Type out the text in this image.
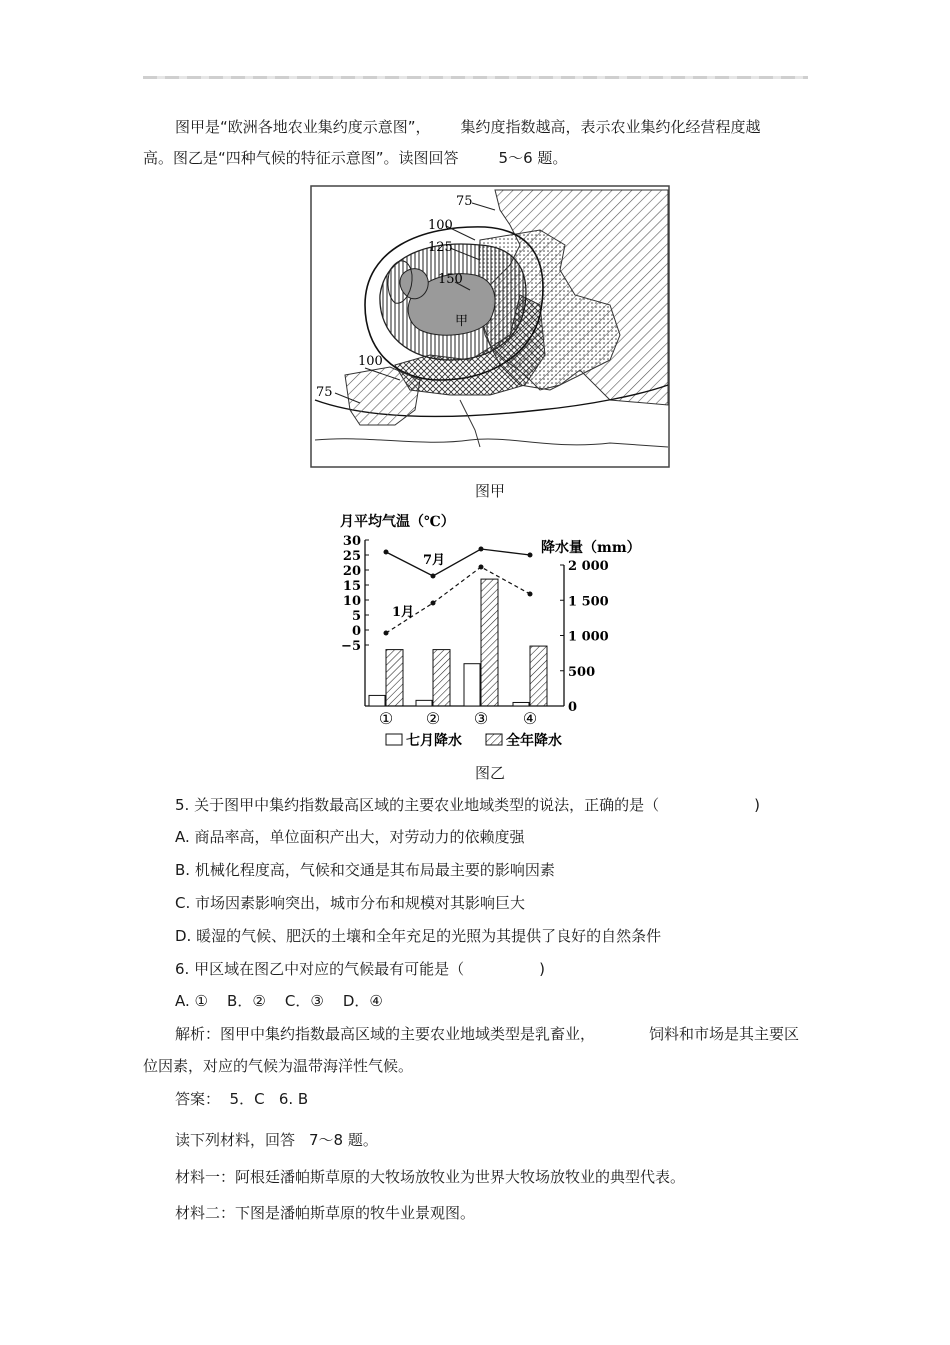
图甲是“欧洲各地农业集约度示意图”， 集约度指数越高，表示农业集约化经营程度越

高。图乙是“四种气候的特征示意图”。读图回答	5～6 题。

75
100
125
150
100
75
甲
图甲
月平均气温（℃）
降水量（mm）
30
25
20
15
10
5
0
−5
2 000
1 500
1 000
500
0
① ② ③ ④
7月
1月
七月降水	全年降水
图乙

5. 关于图甲中集约指数最高区域的主要农业地域类型的说法，正确的是（	)

A. 商品率高，单位面积产出大，对劳动力的依赖度强

B. 机械化程度高，气候和交通是其布局最主要的影响因素

C. 市场因素影响突出，城市分布和规模对其影响巨大

D. 暖湿的气候、肥沃的土壤和全年充足的光照为其提供了良好的自然条件

6. 甲区域在图乙中对应的气候最有可能是（	)

A. ①    B．②    C．③    D．④

解析：图甲中集约指数最高区域的主要农业地域类型是乳畜业，	饲料和市场是其主要区

位因素，对应的气候为温带海洋性气候。

答案：  5．C   6. B

读下列材料，回答 7～8 题。

材料一：阿根廷潘帕斯草原的大牧场放牧业为世界大牧场放牧业的典型代表。

材料二：下图是潘帕斯草原的牧牛业景观图。
